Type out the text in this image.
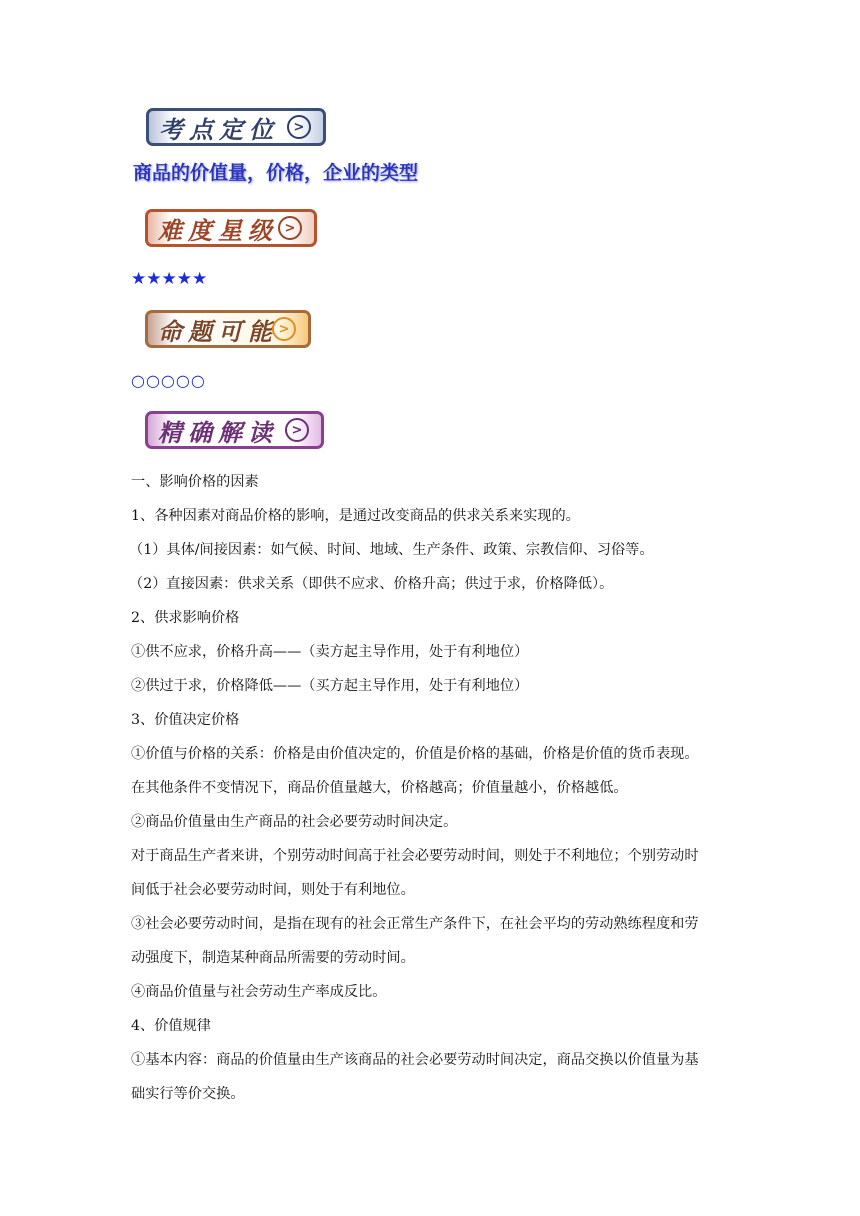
考点定位	>
商品的价值量，价格，企业的类型
难度星级 >
★★★★★
命题可能 >
○○○○○
精确解读	>
一、影响价格的因素
1、各种因素对商品价格的影响，是通过改变商品的供求关系来实现的。
（1）具体/间接因素：如气候、时间、地域、生产条件、政策、宗教信仰、习俗等。
（2）直接因素：供求关系（即供不应求、价格升高；供过于求，价格降低）。
2、供求影响价格
①供不应求，价格升高——（卖方起主导作用，处于有利地位）
②供过于求，价格降低——（买方起主导作用，处于有利地位）
3、价值决定价格
①价值与价格的关系：价格是由价值决定的，价值是价格的基础，价格是价值的货币表现。
在其他条件不变情况下，商品价值量越大，价格越高；价值量越小，价格越低。
②商品价值量由生产商品的社会必要劳动时间决定。
对于商品生产者来讲，个别劳动时间高于社会必要劳动时间，则处于不利地位；个别劳动时
间低于社会必要劳动时间，则处于有利地位。
③社会必要劳动时间，是指在现有的社会正常生产条件下，在社会平均的劳动熟练程度和劳
动强度下，制造某种商品所需要的劳动时间。
④商品价值量与社会劳动生产率成反比。
4、价值规律
①基本内容：商品的价值量由生产该商品的社会必要劳动时间决定，商品交换以价值量为基
础实行等价交换。
